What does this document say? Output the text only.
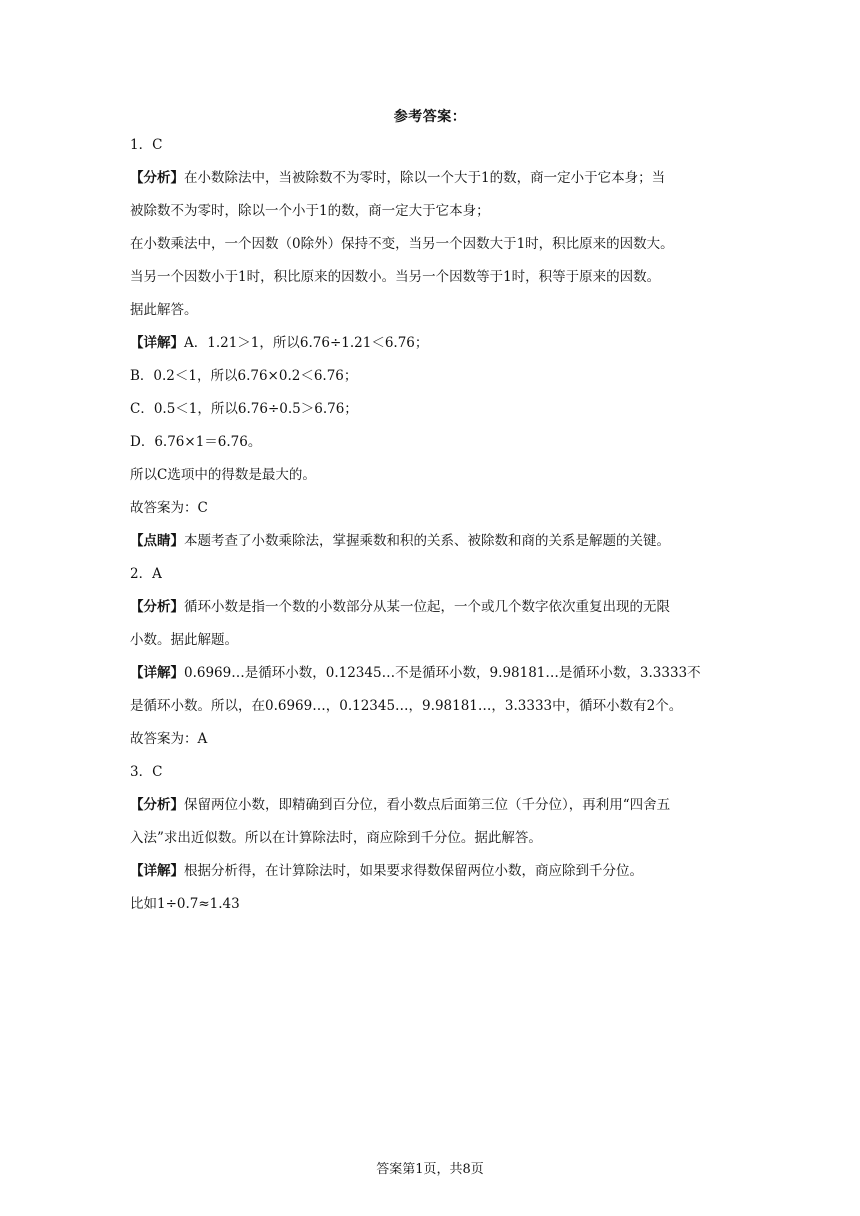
参考答案：

1．C

【分析】在小数除法中，当被除数不为零时，除以一个大于1的数，商一定小于它本身；当

被除数不为零时，除以一个小于1的数，商一定大于它本身；

在小数乘法中，一个因数（0除外）保持不变，当另一个因数大于1时，积比原来的因数大。

当另一个因数小于1时，积比原来的因数小。当另一个因数等于1时，积等于原来的因数。

据此解答。

【详解】A．1.21＞1，所以6.76÷1.21＜6.76；

B．0.2＜1，所以6.76×0.2＜6.76；

C．0.5＜1，所以6.76÷0.5＞6.76；

D．6.76×1＝6.76。

所以C选项中的得数是最大的。

故答案为：C

【点睛】本题考查了小数乘除法，掌握乘数和积的关系、被除数和商的关系是解题的关键。

2．A

【分析】循环小数是指一个数的小数部分从某一位起，一个或几个数字依次重复出现的无限

小数。据此解题。

【详解】0.6969…是循环小数，0.12345…不是循环小数，9.98181…是循环小数，3.3333不

是循环小数。所以，在0.6969…，0.12345…，9.98181…，3.3333中，循环小数有2个。

故答案为：A

3．C

【分析】保留两位小数，即精确到百分位，看小数点后面第三位（千分位），再利用“四舍五

入法”求出近似数。所以在计算除法时，商应除到千分位。据此解答。

【详解】根据分析得，在计算除法时，如果要求得数保留两位小数，商应除到千分位。

比如1÷0.7≈1.43

答案第1页，共8页
